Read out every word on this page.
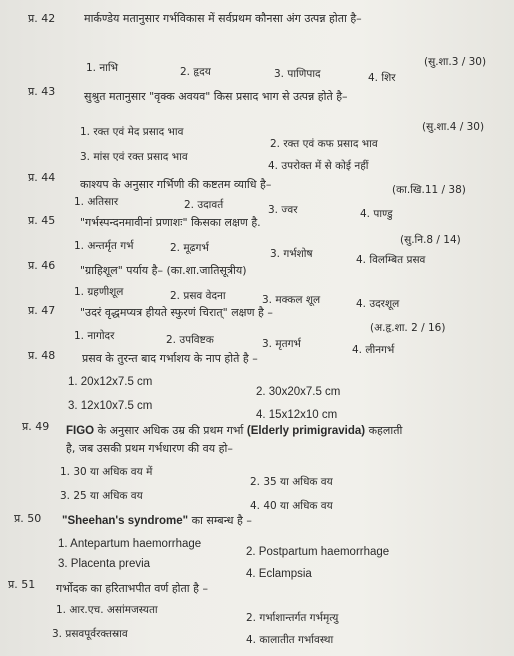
प्र. 42	मार्कण्डेय मतानुसार गर्भविकास में सर्वप्रथम कौनसा अंग उत्पन्न होता है–
1. नाभि	2. हृदय	3. पाणिपाद	4. शिर
(सु.शा.3 / 30)
प्र. 43	सुश्रुत मतानुसार "वृक्क अवयव" किस प्रसाद भाग से उत्पन्न होते है–
(सु.शा.4 / 30)
1. रक्त एवं मेद प्रसाद भाव
2. रक्त एवं कफ प्रसाद भाव
3. मांस एवं रक्त प्रसाद भाव
4. उपरोक्त में से कोई नहीं
प्र. 44
काश्यप के अनुसार गर्भिणी की कष्टतम व्याधि है–	(का.खि.11 / 38)
1. अतिसार	2. उदावर्त	3. ज्वर	4. पाण्डु
प्र. 45 "गर्भस्पन्दनमावीनां प्रणाशः" किसका लक्षण है.
(सु.नि.8 / 14)
1. अन्तर्मृत गर्भ	2. मूढगर्भ	3. गर्भशोष	4. विलम्बित प्रसव
प्र. 46 "ग्राहिशूल" पर्याय है– (का.शा.जातिसूत्रीय)
1. ग्रहणीशूल	2. प्रसव वेदना	3. मक्कल शूल	4. उदरशूल
प्र. 47 "उदरं वृद्धमप्यत्र हीयते स्फुरणं चिरात्" लक्षण है –
(अ.हृ.शा. 2 / 16)
1. नागोदर	2. उपविष्टक	3. मृतगर्भ	4. लीनगर्भ
प्र. 48 प्रसव के तुरन्त बाद गर्भाशय के नाप होते है –
1. 20x12x7.5 cm
2. 30x20x7.5 cm
3. 12x10x7.5 cm
4. 15x12x10 cm
प्र. 49 FIGO के अनुसार अधिक उम्र की प्रथम गर्भा (Elderly primigravida) कहलाती
है, जब उसकी प्रथम गर्भधारण की वय हो–
1. 30 या अधिक वय में
2. 35 या अधिक वय
3. 25 या अधिक वय
4. 40 या अधिक वय
प्र. 50 "Sheehan's syndrome" का सम्बन्ध है –
1. Antepartum haemorrhage
2. Postpartum haemorrhage
3. Placenta previa
4. Eclampsia
प्र. 51 गर्भोदक का हरिताभपीत वर्ण होता है –
1. आर.एच. असांमजस्यता
2. गर्भाशान्तर्गत गर्भमृत्यु
3. प्रसवपूर्वरक्तस्राव	4. कालातीत गर्भावस्था
